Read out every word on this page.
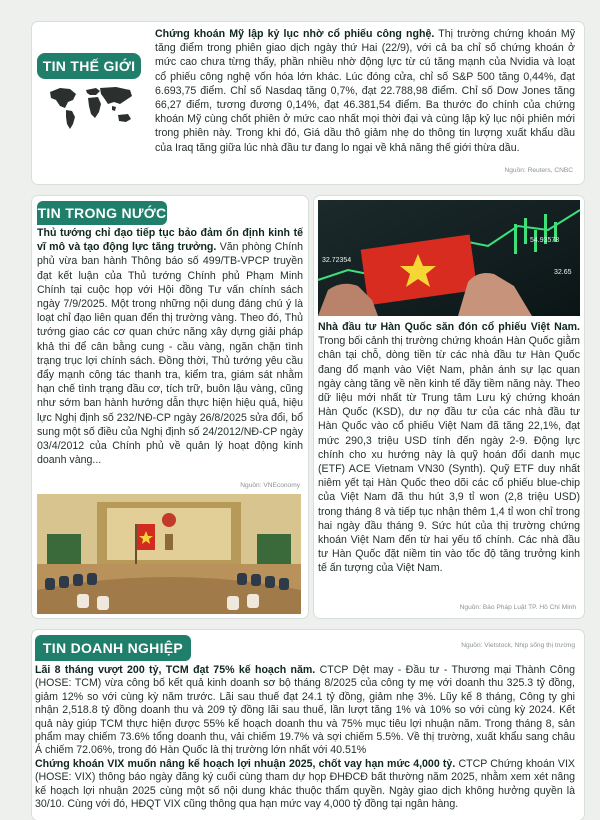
TIN THẾ GIỚI
Chứng khoán Mỹ lập kỷ lục nhờ cổ phiếu công nghệ. Thị trường chứng khoán Mỹ tăng điểm trong phiên giao dịch ngày thứ Hai (22/9), với cả ba chỉ số chứng khoán ở mức cao chưa từng thấy, phần nhiều nhờ động lực từ cú tăng mạnh của Nvidia và loạt cổ phiếu công nghệ vốn hóa lớn khác. Lúc đóng cửa, chỉ số S&P 500 tăng 0,44%, đạt 6.693,75 điểm. Chỉ số Nasdaq tăng 0,7%, đạt 22.788,98 điểm. Chỉ số Dow Jones tăng 66,27 điểm, tương đương 0,14%, đạt 46.381,54 điểm. Ba thước đo chính của chứng khoán Mỹ cùng chốt phiên ở mức cao nhất mọi thời đại và cùng lập kỷ lục nội phiên mới trong phiên này. Trong khi đó, Giá dầu thô giảm nhẹ do thông tin lượng xuất khẩu dầu của Iraq tăng giữa lúc nhà đầu tư đang lo ngại về khả năng thế giới thừa dầu.
Nguồn: Reuters, CNBC
TIN TRONG NƯỚC
Thủ tướng chỉ đạo tiếp tục bảo đảm ổn định kinh tế vĩ mô và tạo động lực tăng trưởng. Văn phòng Chính phủ vừa ban hành Thông báo số 499/TB-VPCP truyền đạt kết luận của Thủ tướng Chính phủ Phạm Minh Chính tại cuộc họp với Hội đồng Tư vấn chính sách ngày 7/9/2025. Một trong những nội dung đáng chú ý là loạt chỉ đạo liên quan đến thị trường vàng. Theo đó, Thủ tướng giao các cơ quan chức năng xây dựng giải pháp khả thi để cân bằng cung - cầu vàng, ngăn chặn tình trạng trục lợi chính sách. Đồng thời, Thủ tướng yêu cầu đẩy mạnh công tác thanh tra, kiểm tra, giám sát nhằm hạn chế tình trạng đầu cơ, tích trữ, buôn lậu vàng, cũng như sớm ban hành hướng dẫn thực hiện hiệu quả, hiệu lực Nghị định số 232/NĐ-CP ngày 26/8/2025 sửa đổi, bổ sung một số điều của Nghị định số 24/2012/NĐ-CP ngày 03/4/2012 của Chính phủ về quản lý hoạt động kinh doanh vàng...
Nguồn: VNEconomy
32.72354
54.93578
32.65
Nhà đầu tư Hàn Quốc săn đón cổ phiếu Việt Nam. Trong bối cảnh thị trường chứng khoán Hàn Quốc giằm chân tại chỗ, dòng tiền từ các nhà đầu tư Hàn Quốc đang đổ mạnh vào Việt Nam, phản ánh sự lạc quan ngày càng tăng về nền kinh tế đầy tiềm năng này. Theo dữ liệu mới nhất từ Trung tâm Lưu ký chứng khoán Hàn Quốc (KSD), dư nợ đầu tư của các nhà đầu tư Hàn Quốc vào cổ phiếu Việt Nam đã tăng 22,1%, đạt mức 290,3 triệu USD tính đến ngày 2-9. Động lực chính cho xu hướng này là quỹ hoán đổi danh mục (ETF) ACE Vietnam VN30 (Synth). Quỹ ETF duy nhất niêm yết tại Hàn Quốc theo dõi các cổ phiếu blue-chip của Việt Nam đã thu hút 3,9 tỉ won (2,8 triệu USD) trong tháng 8 và tiếp tục nhận thêm 1,4 tỉ won chỉ trong hai ngày đầu tháng 9. Sức hút của thị trường chứng khoán Việt Nam đến từ hai yếu tố chính. Các nhà đầu tư Hàn Quốc đặt niềm tin vào tốc độ tăng trưởng kinh tế ấn tượng của Việt Nam.
Nguồn: Báo Pháp Luật TP. Hồ Chí Minh
TIN DOANH NGHIỆP	Nguồn: Vietstock, Nhịp sống thị trường
Lãi 8 tháng vượt 200 tỷ, TCM đạt 75% kế hoạch năm. CTCP Dệt may - Đầu tư - Thương mại Thành Công (HOSE: TCM) vừa công bố kết quả kinh doanh sơ bộ tháng 8/2025 của công ty mẹ với doanh thu 325.3 tỷ đồng, giảm 12% so với cùng kỳ năm trước. Lãi sau thuế đạt 24.1 tỷ đồng, giảm nhẹ 3%. Lũy kế 8 tháng, Công ty ghi nhận 2,518.8 tỷ đồng doanh thu và 209 tỷ đồng lãi sau thuế, lần lượt tăng 1% và 10% so với cùng kỳ 2024. Kết quả này giúp TCM thực hiện được 55% kế hoạch doanh thu và 75% mục tiêu lợi nhuận năm. Trong tháng 8, sản phẩm may chiếm 73.6% tổng doanh thu, vải chiếm 19.7% và sợi chiếm 5.5%. Về thị trường, xuất khẩu sang châu Á chiếm 72.06%, trong đó Hàn Quốc là thị trường lớn nhất với 40.51%
Chứng khoán VIX muốn nâng kế hoạch lợi nhuận 2025, chốt vay hạn mức 4,000 tỷ. CTCP Chứng khoán VIX (HOSE: VIX) thông báo ngày đăng ký cuối cùng tham dự họp ĐHĐCĐ bất thường năm 2025, nhằm xem xét nâng kế hoạch lợi nhuận 2025 cùng một số nội dung khác thuộc thẩm quyền. Ngày giao dịch không hưởng quyền là 30/10. Cùng với đó, HĐQT VIX cũng thông qua hạn mức vay 4,000 tỷ đồng tại ngân hàng.
